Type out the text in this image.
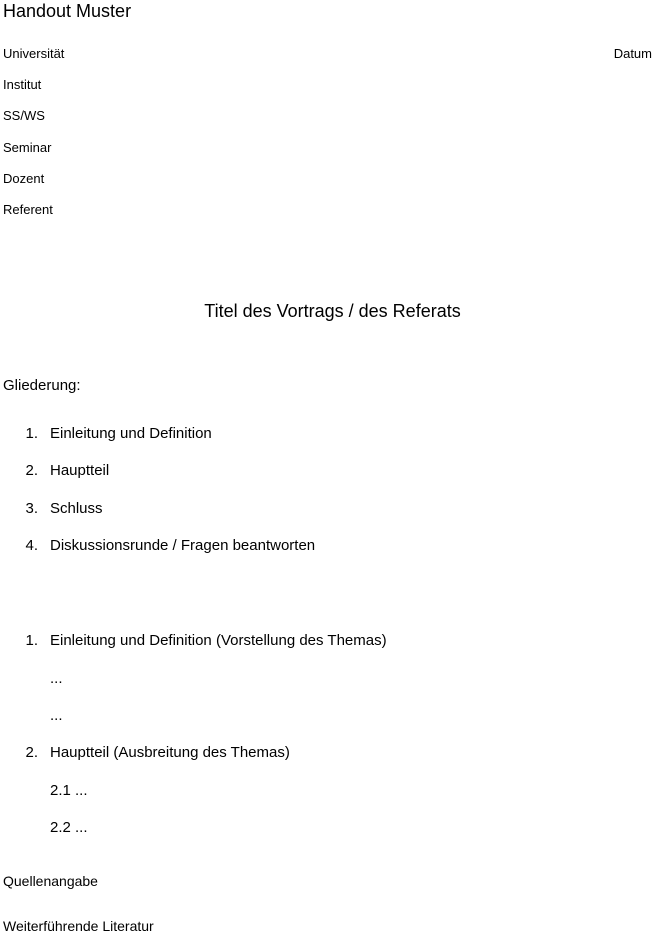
Handout Muster
Datum
Universität
Institut
SS/WS
Seminar
Dozent
Referent
Titel des Vortrags / des Referats
Gliederung:
1. Einleitung und Definition
2. Hauptteil
3. Schluss
4. Diskussionsrunde / Fragen beantworten
1. Einleitung und Definition (Vorstellung des Themas)
...
...
2. Hauptteil (Ausbreitung des Themas)
2.1 ...
2.2 ...
Quellenangabe
Weiterführende Literatur
